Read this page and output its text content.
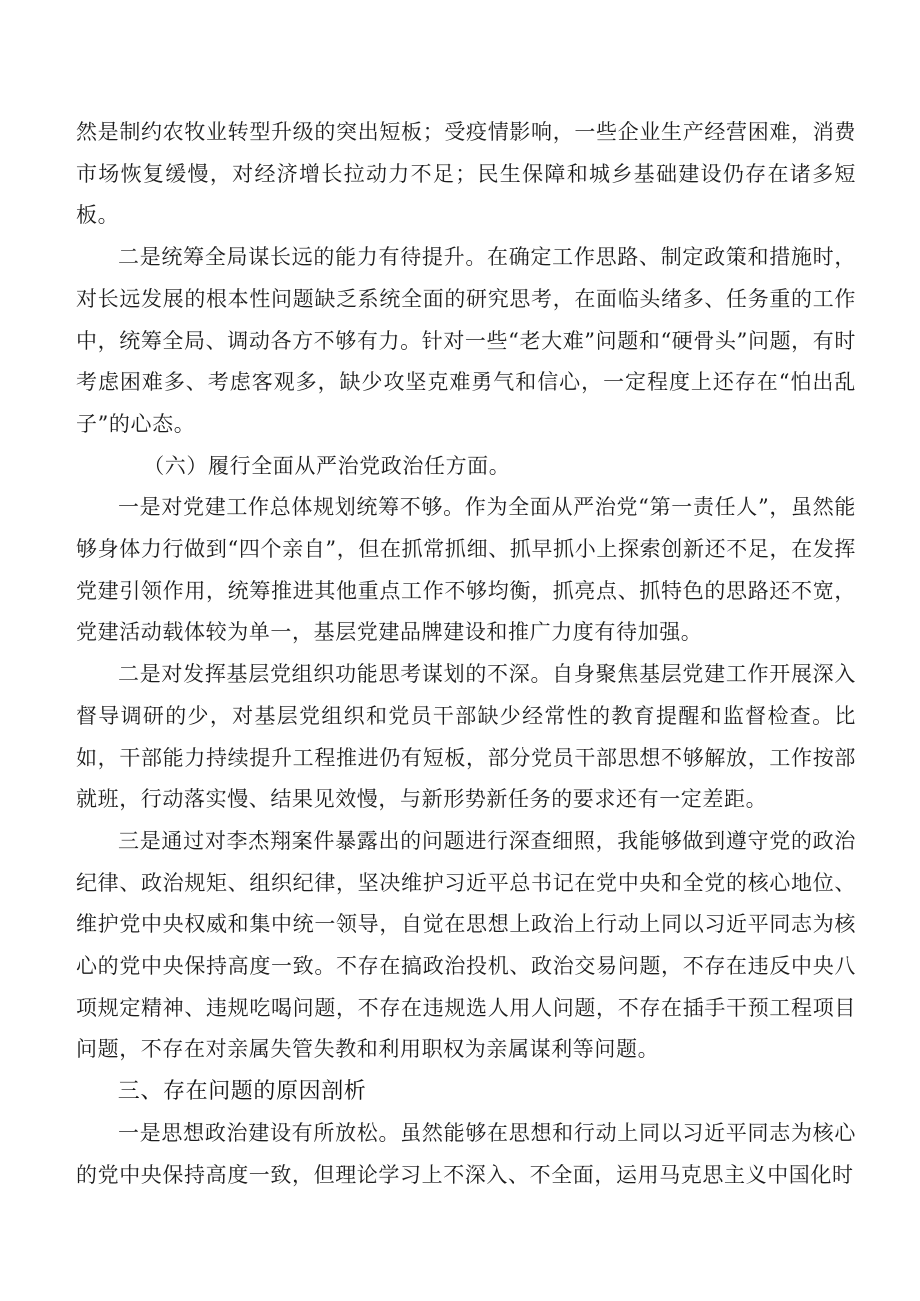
然是制约农牧业转型升级的突出短板；受疫情影响，一些企业生产经营困难，消费市场恢复缓慢，对经济增长拉动力不足；民生保障和城乡基础建设仍存在诸多短板。

二是统筹全局谋长远的能力有待提升。在确定工作思路、制定政策和措施时，对长远发展的根本性问题缺乏系统全面的研究思考，在面临头绪多、任务重的工作中，统筹全局、调动各方不够有力。针对一些“老大难”问题和“硬骨头”问题，有时考虑困难多、考虑客观多，缺少攻坚克难勇气和信心，一定程度上还存在“怕出乱子”的心态。

（六）履行全面从严治党政治任方面。

一是对党建工作总体规划统筹不够。作为全面从严治党“第一责任人”，虽然能够身体力行做到“四个亲自”，但在抓常抓细、抓早抓小上探索创新还不足，在发挥党建引领作用，统筹推进其他重点工作不够均衡，抓亮点、抓特色的思路还不宽，党建活动载体较为单一，基层党建品牌建设和推广力度有待加强。

二是对发挥基层党组织功能思考谋划的不深。自身聚焦基层党建工作开展深入督导调研的少，对基层党组织和党员干部缺少经常性的教育提醒和监督检查。比如，干部能力持续提升工程推进仍有短板，部分党员干部思想不够解放，工作按部就班，行动落实慢、结果见效慢，与新形势新任务的要求还有一定差距。

三是通过对李杰翔案件暴露出的问题进行深查细照，我能够做到遵守党的政治纪律、政治规矩、组织纪律，坚决维护习近平总书记在党中央和全党的核心地位、维护党中央权威和集中统一领导，自觉在思想上政治上行动上同以习近平同志为核心的党中央保持高度一致。不存在搞政治投机、政治交易问题，不存在违反中央八项规定精神、违规吃喝问题，不存在违规选人用人问题，不存在插手干预工程项目问题，不存在对亲属失管失教和利用职权为亲属谋利等问题。

三、存在问题的原因剖析

一是思想政治建设有所放松。虽然能够在思想和行动上同以习近平同志为核心的党中央保持高度一致，但理论学习上不深入、不全面，运用马克思主义中国化时
